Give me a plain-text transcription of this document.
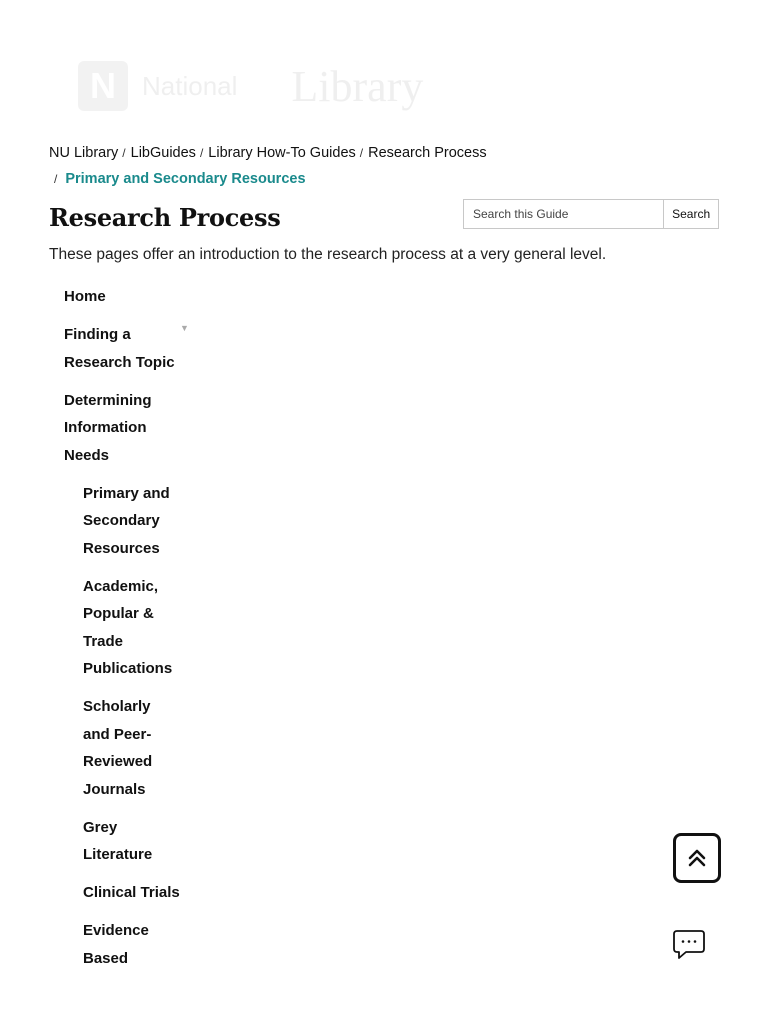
N	National Library
NU Library / LibGuides / Library How-To Guides / Research Process
/ Primary and Secondary Resources
Research Process
Search this Guide	Search

These pages offer an introduction to the research process at a very general level.

Home
Finding a Research Topic
▼
Determining Information Needs
Primary and Secondary Resources
Academic, Popular & Trade Publications
Scholarly and Peer-Reviewed Journals
Grey Literature
Clinical Trials
Evidence Based
